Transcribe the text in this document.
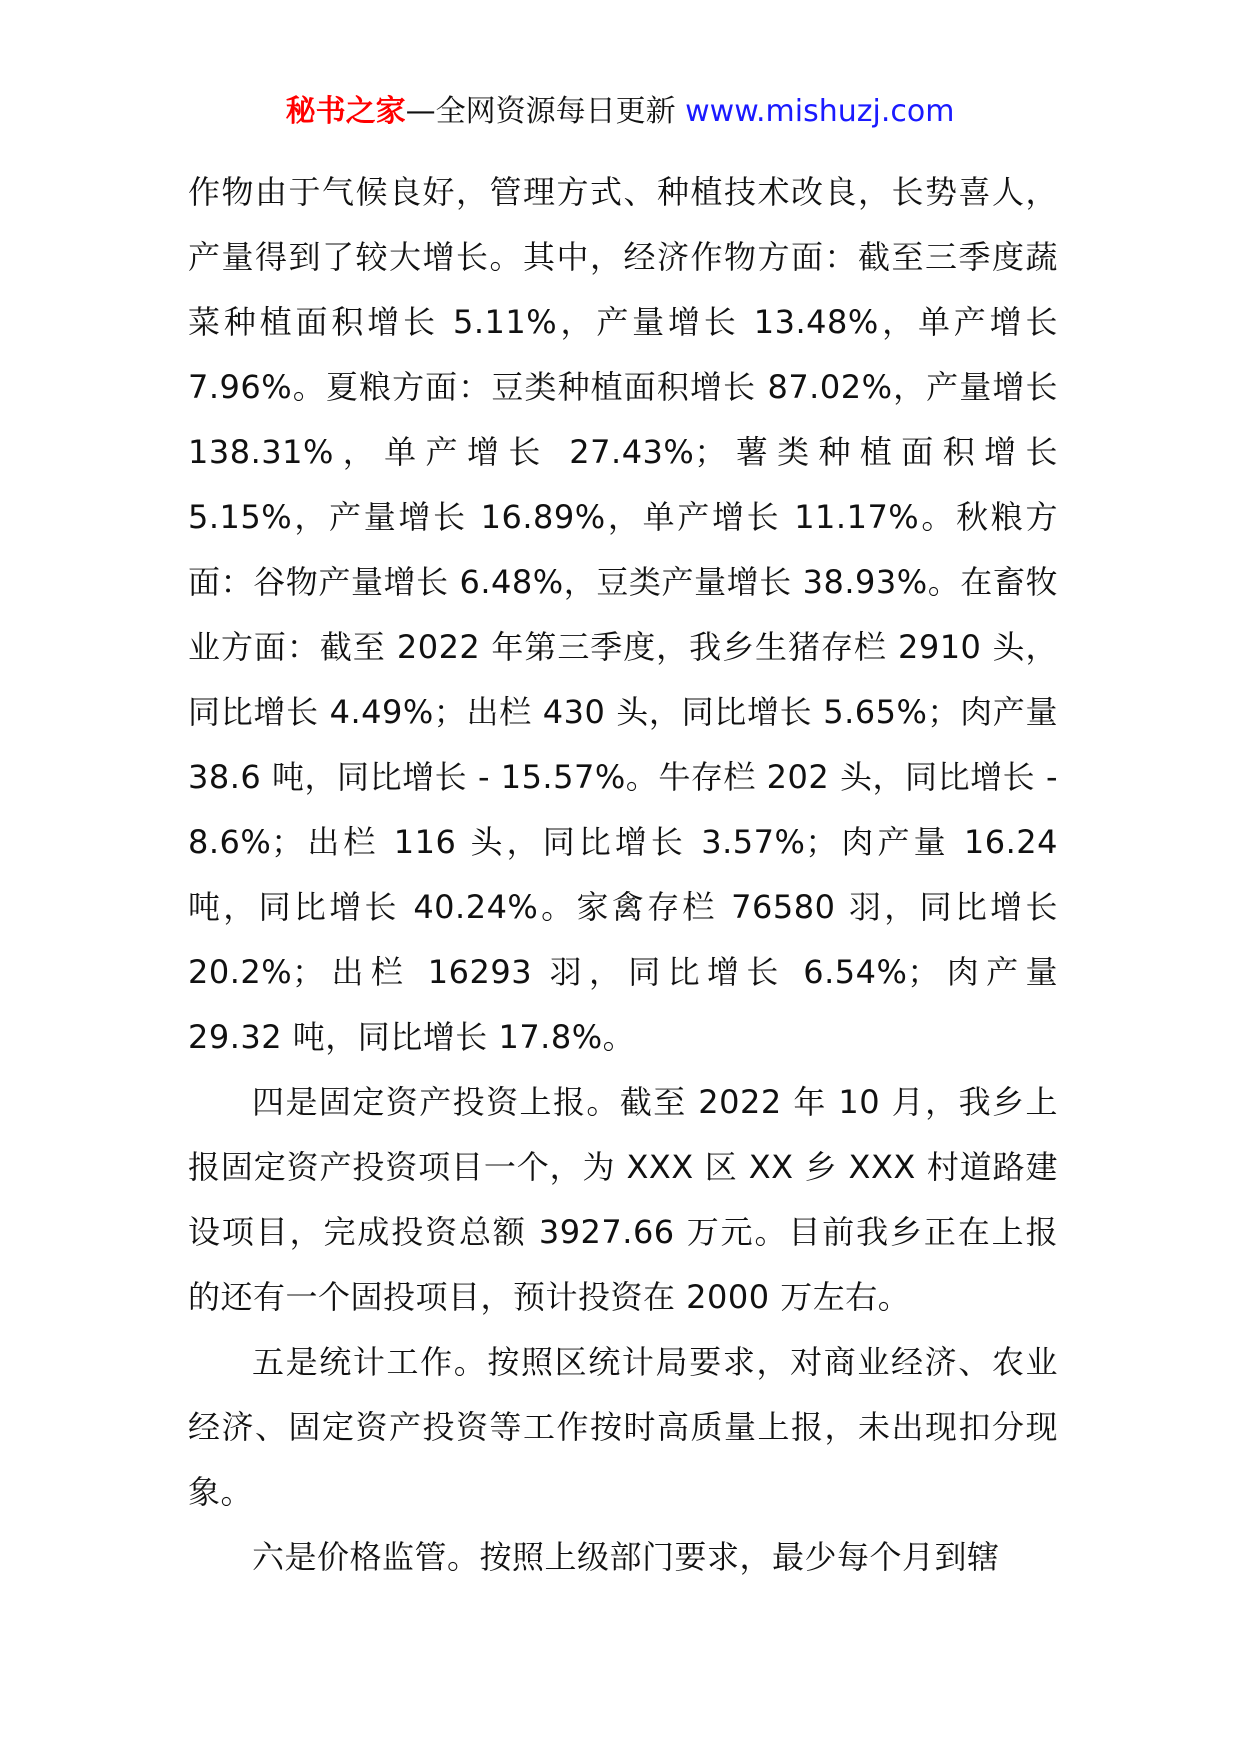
秘书之家—全网资源每日更新 www.mishuzj.com

作物由于气候良好，管理方式、种植技术改良，长势喜人，产量得到了较大增长。其中，经济作物方面：截至三季度蔬菜种植面积增长 5.11%，产量增长 13.48%，单产增长 7.96%。夏粮方面：豆类种植面积增长 87.02%，产量增长 138.31%，单产增长 27.43%；薯类种植面积增长 5.15%，产量增长 16.89%，单产增长 11.17%。秋粮方面：谷物产量增长 6.48%，豆类产量增长 38.93%。在畜牧业方面：截至 2022 年第三季度，我乡生猪存栏 2910 头，同比增长 4.49%；出栏 430 头，同比增长 5.65%；肉产量 38.6 吨，同比增长 - 15.57%。牛存栏 202 头，同比增长 - 8.6%；出栏 116 头，同比增长 3.57%；肉产量 16.24 吨，同比增长 40.24%。家禽存栏 76580 羽，同比增长 20.2%；出栏 16293 羽，同比增长 6.54%；肉产量 29.32 吨，同比增长 17.8%。

四是固定资产投资上报。截至 2022 年 10 月，我乡上报固定资产投资项目一个，为 XXX 区 XX 乡 XXX 村道路建设项目，完成投资总额 3927.66 万元。目前我乡正在上报的还有一个固投项目，预计投资在 2000 万左右。

五是统计工作。按照区统计局要求，对商业经济、农业经济、固定资产投资等工作按时高质量上报，未出现扣分现象。

六是价格监管。按照上级部门要求，最少每个月到辖
